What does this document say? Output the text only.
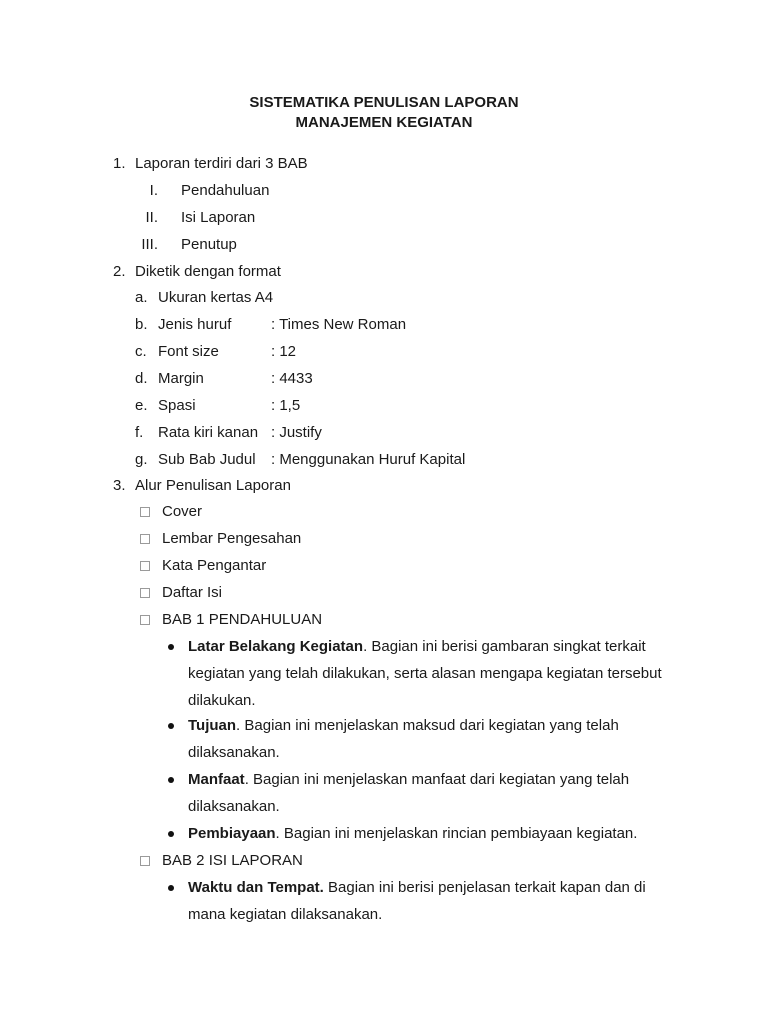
SISTEMATIKA PENULISAN LAPORAN
MANAJEMEN KEGIATAN
1. Laporan terdiri dari 3 BAB
I. Pendahuluan
II. Isi Laporan
III. Penutup
2. Diketik dengan format
a. Ukuran kertas A4
b. Jenis huruf	: Times New Roman
c. Font size	: 12
d. Margin	: 4433
e. Spasi	: 1,5
f. Rata kiri kanan : Justify
g. Sub Bab Judul : Menggunakan Huruf Kapital
3. Alur Penulisan Laporan
Cover
Lembar Pengesahan
Kata Pengantar
Daftar Isi
BAB 1 PENDAHULUAN
Latar Belakang Kegiatan. Bagian ini berisi gambaran singkat terkait
kegiatan yang telah dilakukan, serta alasan mengapa kegiatan tersebut
dilakukan.
Tujuan. Bagian ini menjelaskan maksud dari kegiatan yang telah
dilaksanakan.
Manfaat. Bagian ini menjelaskan manfaat dari kegiatan yang telah
dilaksanakan.
Pembiayaan. Bagian ini menjelaskan rincian pembiayaan kegiatan.
BAB 2 ISI LAPORAN
Waktu dan Tempat. Bagian ini berisi penjelasan terkait kapan dan di
mana kegiatan dilaksanakan.
